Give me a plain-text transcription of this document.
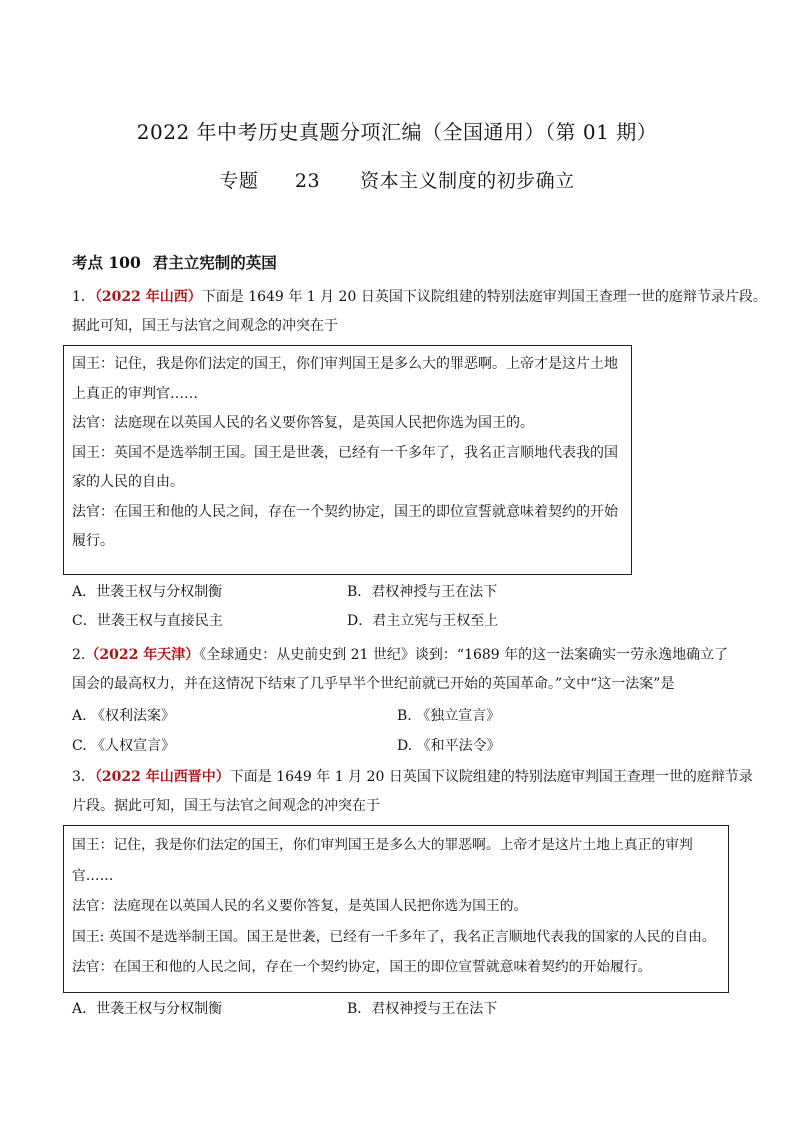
2022 年中考历史真题分项汇编（全国通用）（第 01 期）
专题 23 资本主义制度的初步确立
考点 100 君主立宪制的英国
1．（2022 年山西）下面是 1649 年 1 月 20 日英国下议院组建的特别法庭审判国王查理一世的庭辩节录片段。
据此可知，国王与法官之间观念的冲突在于
国王：记住，我是你们法定的国王，你们审判国王是多么大的罪恶啊。上帝才是这片土地
上真正的审判官……
法官：法庭现在以英国人民的名义要你答复，是英国人民把你选为国王的。
国王：英国不是选举制王国。国王是世袭，已经有一千多年了，我名正言顺地代表我的国
家的人民的自由。
法官：在国王和他的人民之间，存在一个契约协定，国王的即位宣誓就意味着契约的开始
履行。
A．世袭王权与分权制衡	B．君权神授与王在法下
C．世袭王权与直接民主	D．君主立宪与王权至上
2.（2022 年天津）《全球通史：从史前史到 21 世纪》谈到：“1689 年的这一法案确实一劳永逸地确立了
国会的最高权力，并在这情况下结束了几乎早半个世纪前就已开始的英国革命。”文中“这一法案”是
A. 《权利法案》	B. 《独立宣言》
C. 《人权宣言》	D. 《和平法令》
3．（2022 年山西晋中）下面是 1649 年 1 月 20 日英国下议院组建的特别法庭审判国王查理一世的庭辩节录
片段。据此可知，国王与法官之间观念的冲突在于
国王：记住，我是你们法定的国王，你们审判国王是多么大的罪恶啊。上帝才是这片土地上真正的审判
官……
法官：法庭现在以英国人民的名义要你答复，是英国人民把你选为国王的。
国王: 英国不是选举制王国。国王是世袭，已经有一千多年了，我名正言顺地代表我的国家的人民的自由。
法官：在国王和他的人民之间，存在一个契约协定，国王的即位宣誓就意味着契约的开始履行。
A．世袭王权与分权制衡	B．君权神授与王在法下
